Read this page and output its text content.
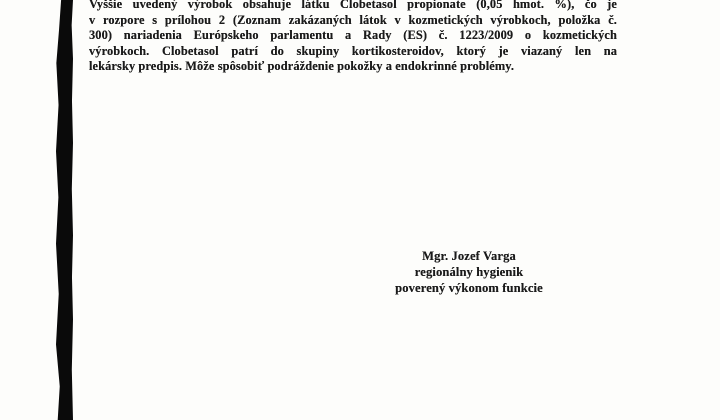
Vyššie uvedený výrobok obsahuje látku Clobetasol propionate (0,05 hmot. %), čo je
v rozpore s prílohou 2 (Zoznam zakázaných látok v kozmetických výrobkoch, položka č.
300) nariadenia Európskeho parlamentu a Rady (ES) č. 1223/2009 o kozmetických
výrobkoch. Clobetasol patrí do skupiny kortikosteroidov, ktorý je viazaný len na
lekársky predpis. Môže spôsobiť podráždenie pokožky a endokrinné problémy.
Mgr. Jozef Varga
regionálny hygienik
poverený výkonom funkcie
